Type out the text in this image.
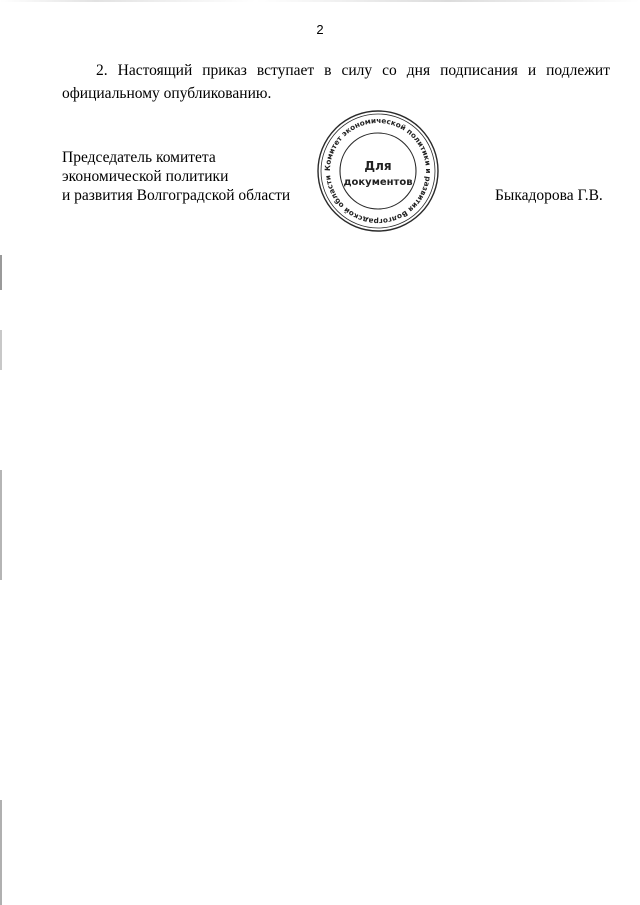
2

2. Настоящий приказ вступает в силу со дня подписания и подлежит официальному опубликованию.

Председатель комитета
экономической политики
и развития Волгоградской области
Комитет экономической политики и развития Волгоградской области
Для
документов
Быкадорова Г.В.
